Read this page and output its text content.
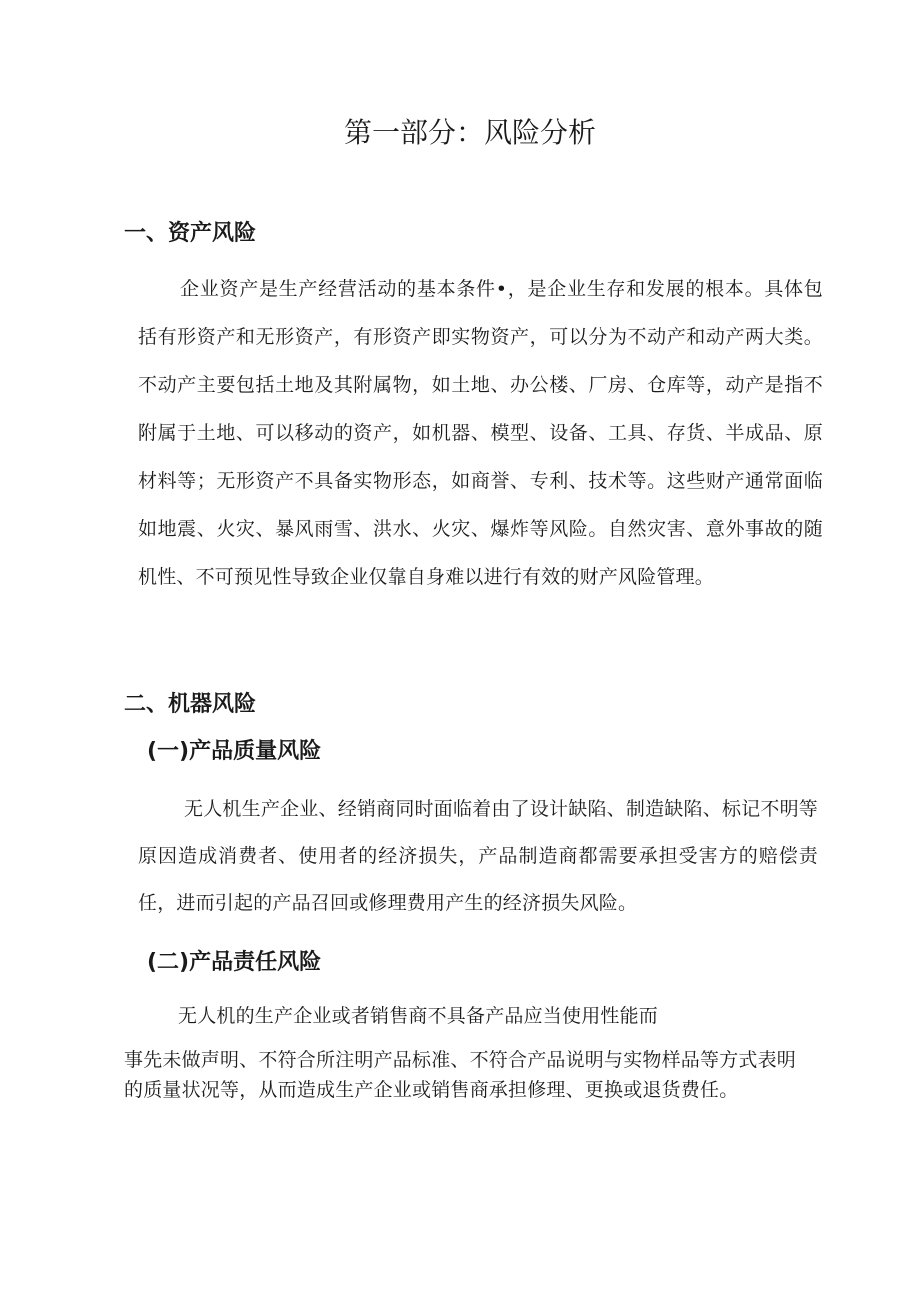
第一部分：风险分析
一、资产风险

企业资产是生产经营活动的基本条件•，是企业生存和发展的根本。具体包括有形资产和无形资产，有形资产即实物资产，可以分为不动产和动产两大类。不动产主要包括土地及其附属物，如土地、办公楼、厂房、仓库等，动产是指不附属于土地、可以移动的资产，如机器、模型、设备、工具、存货、半成品、原材料等；无形资产不具备实物形态，如商誉、专利、技术等。这些财产通常面临如地震、火灾、暴风雨雪、洪水、火灾、爆炸等风险。自然灾害、意外事故的随机性、不可预见性导致企业仅靠自身难以进行有效的财产风险管理。

二、机器风险
(一)产品质量风险

无人机生产企业、经销商同时面临着由了设计缺陷、制造缺陷、标记不明等原因造成消费者、使用者的经济损失，产品制造商都需要承担受害方的赔偿责任，进而引起的产品召回或修理费用产生的经济损失风险。

(二)产品责任风险

无人机的生产企业或者销售商不具备产品应当使用性能而

事先未做声明、不符合所注明产品标准、不符合产品说明与实物样品等方式表明的质量状况等，从而造成生产企业或销售商承担修理、更换或退货费任。
